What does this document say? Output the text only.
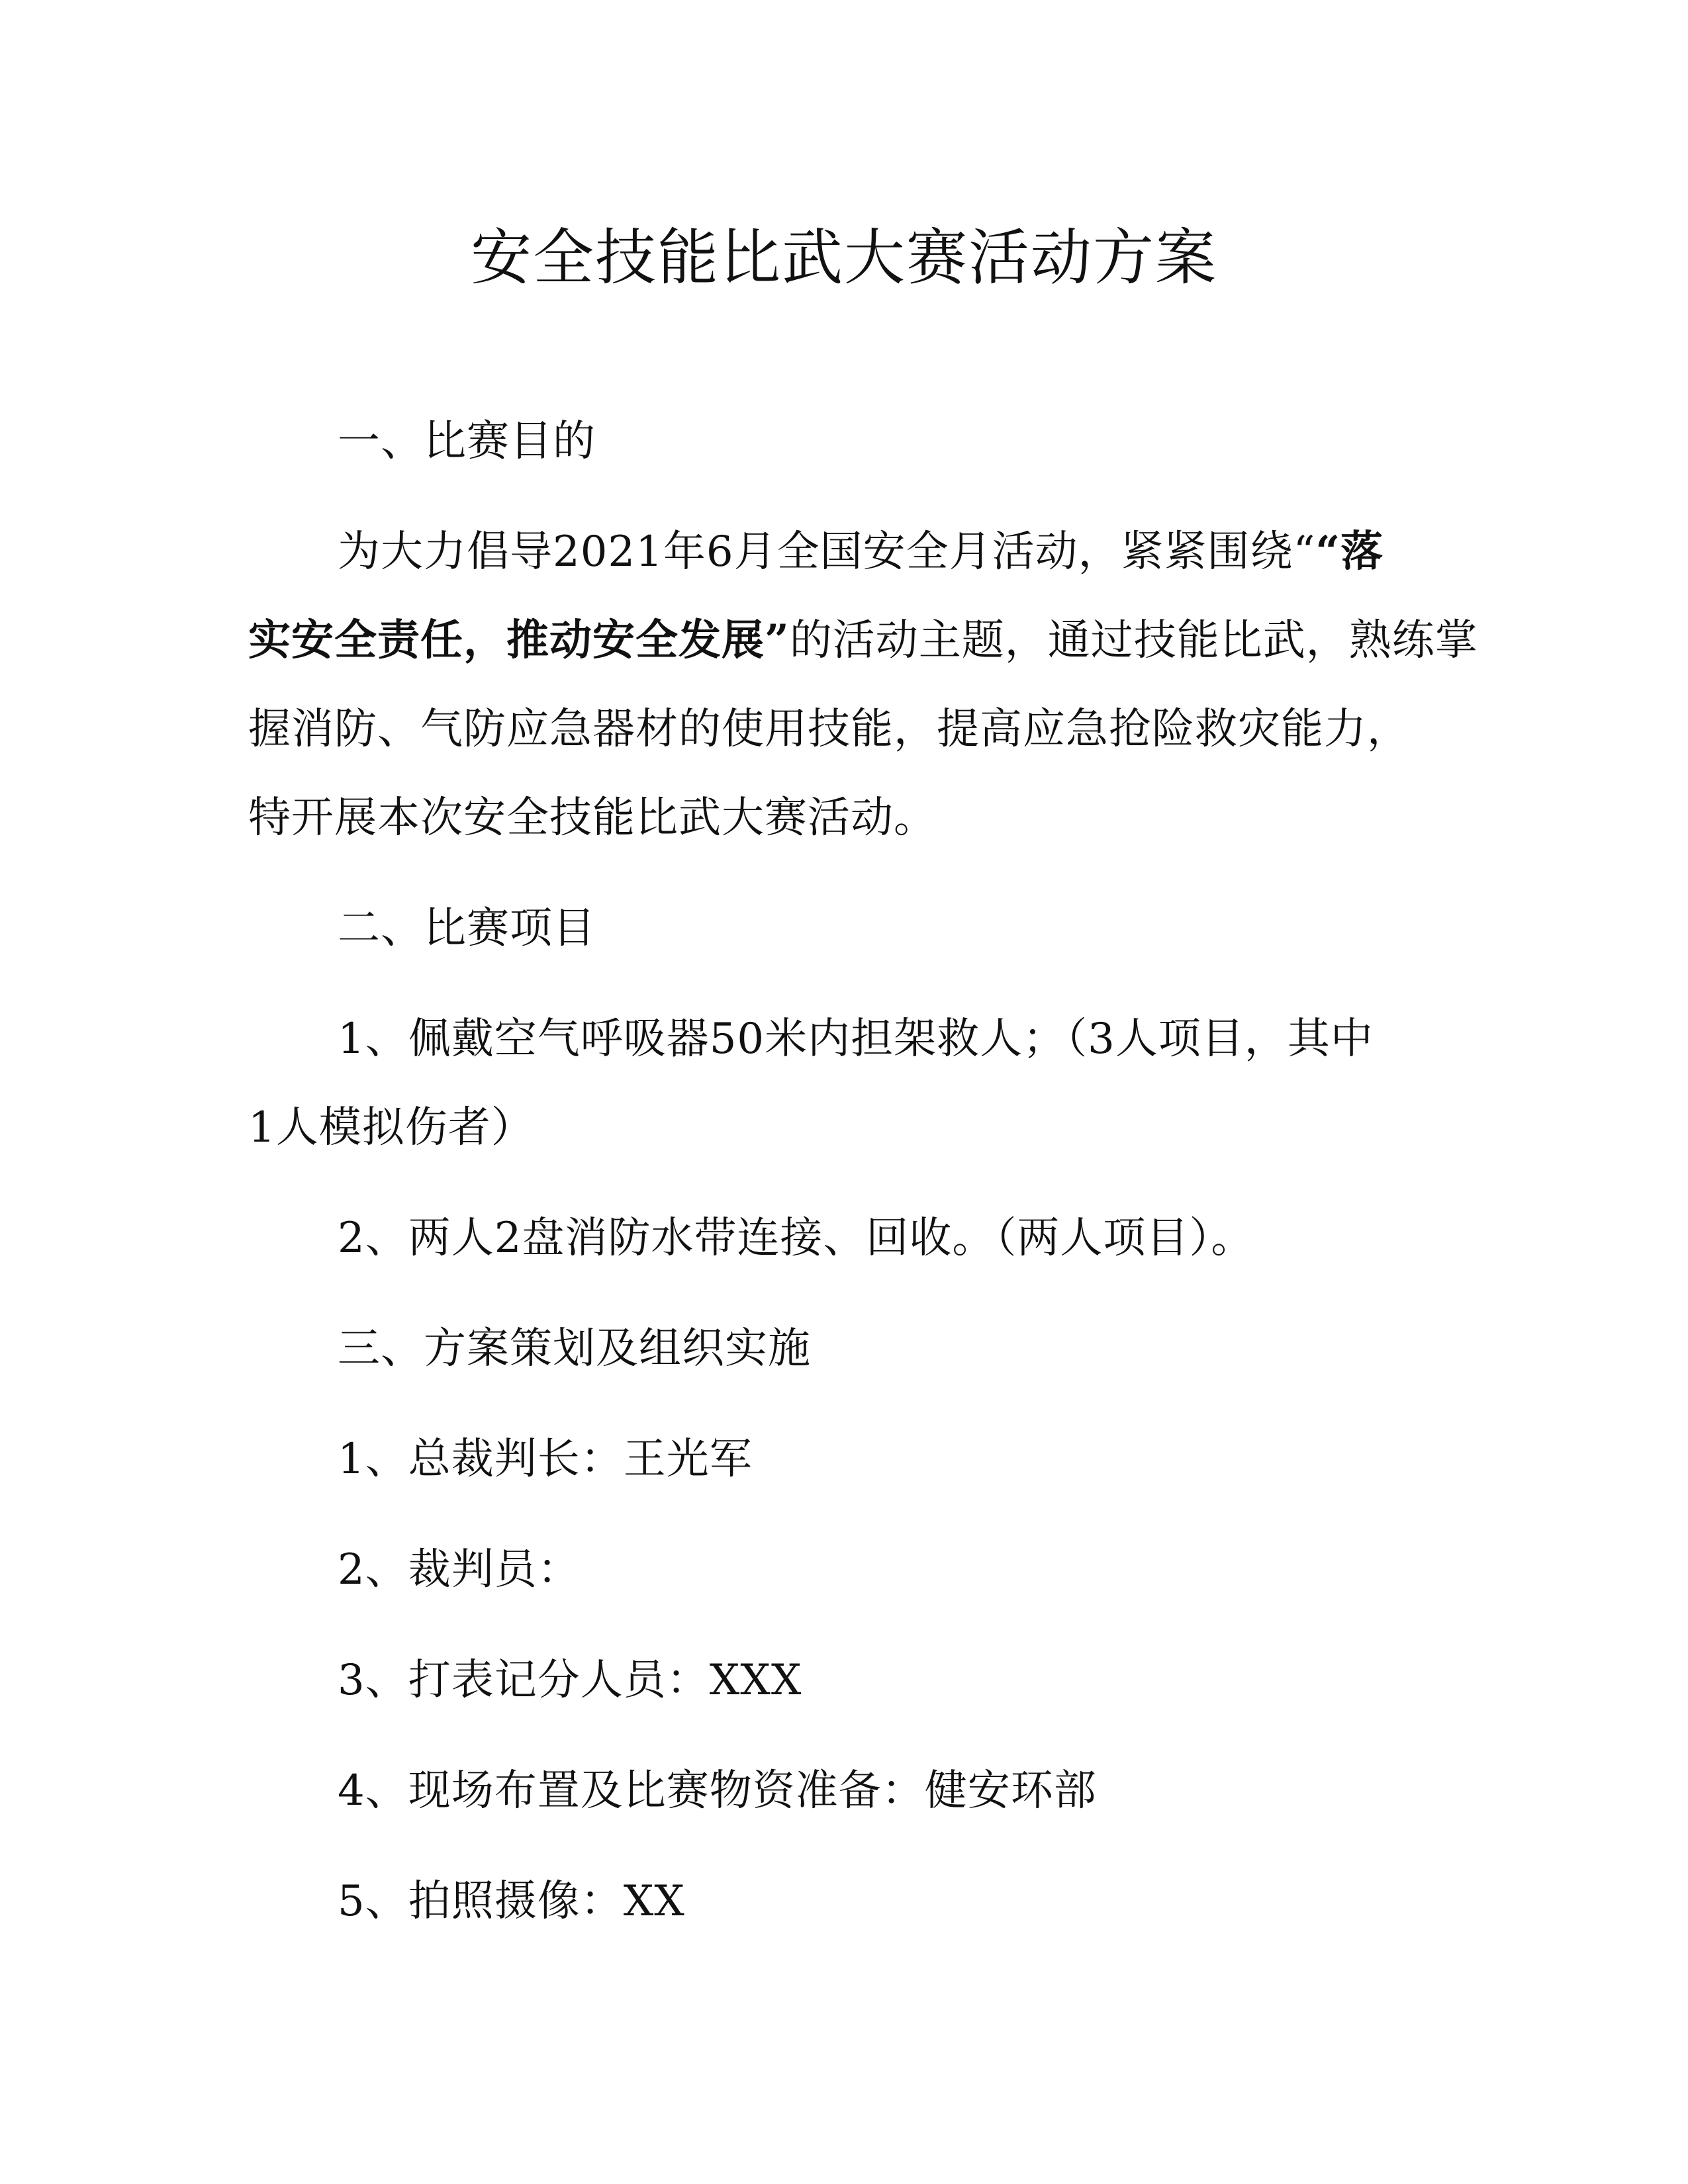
安全技能比武大赛活动方案

一、比赛目的

为大力倡导2021年6月全国安全月活动，紧紧围绕““落

实安全责任，推动安全发展”的活动主题，通过技能比武，熟练掌

握消防、气防应急器材的使用技能，提高应急抢险救灾能力，

特开展本次安全技能比武大赛活动。

二、比赛项目

1、佩戴空气呼吸器50米内担架救人；（3人项目，其中

1人模拟伤者）

2、两人2盘消防水带连接、回收。（两人项目）。

三、方案策划及组织实施

1、总裁判长：王光军

2、裁判员：

3、打表记分人员：XXX

4、现场布置及比赛物资准备：健安环部

5、拍照摄像：XX
